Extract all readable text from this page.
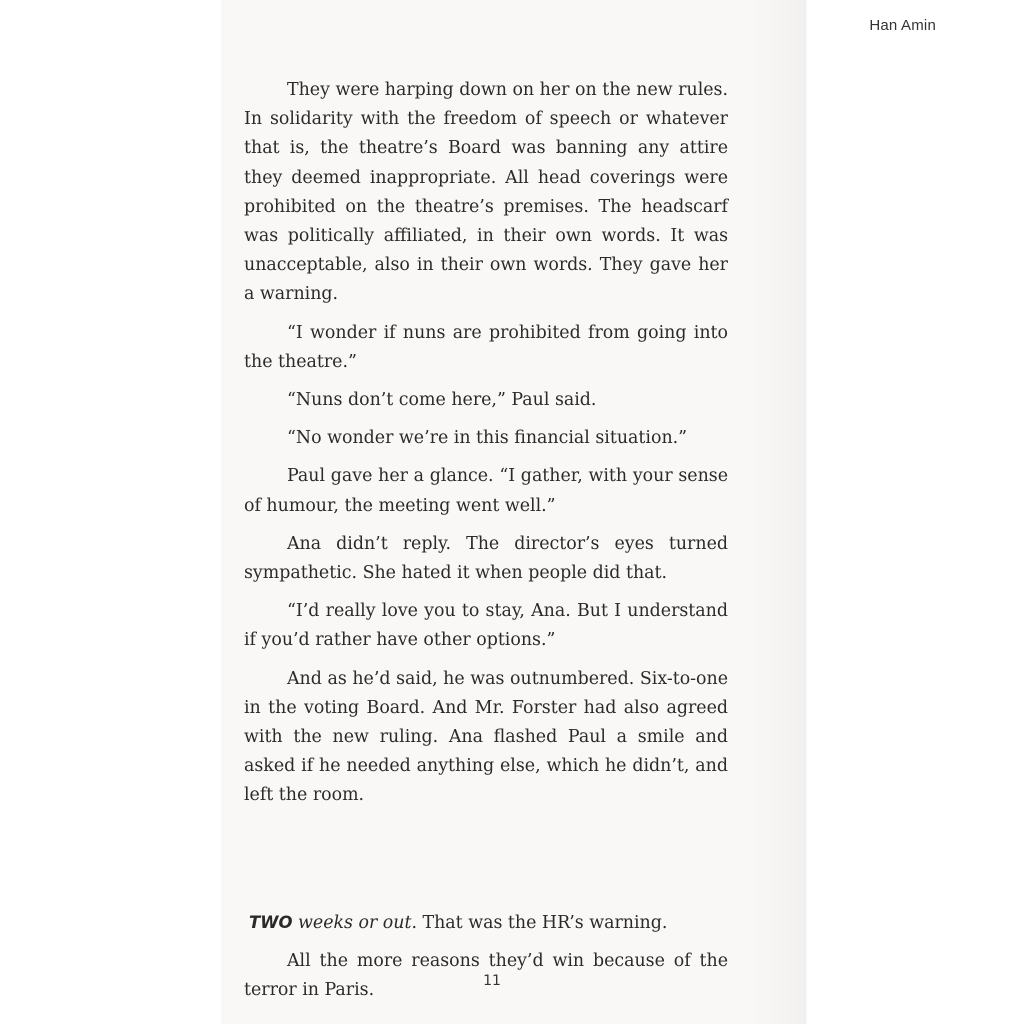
Han Amin

They were harping down on her on the new rules. In solidarity with the freedom of speech or whatever that is, the theatre’s Board was banning any attire they deemed inappropriate. All head coverings were prohibited on the theatre’s premises. The headscarf was politically affiliated, in their own words. It was unacceptable, also in their own words. They gave her a warning.

“I wonder if nuns are prohibited from going into the theatre.”

“Nuns don’t come here,” Paul said.

“No wonder we’re in this financial situation.”

Paul gave her a glance. “I gather, with your sense of humour, the meeting went well.”

Ana didn’t reply. The director’s eyes turned sympathetic. She hated it when people did that.

“I’d really love you to stay, Ana. But I understand if you’d rather have other options.”

And as he’d said, he was outnumbered. Six-to-one in the voting Board. And Mr. Forster had also agreed with the new ruling. Ana flashed Paul a smile and asked if he needed anything else, which he didn’t, and left the room.

TWO weeks or out. That was the HR’s warning.

All the more reasons they’d win because of the terror in Paris.	11
